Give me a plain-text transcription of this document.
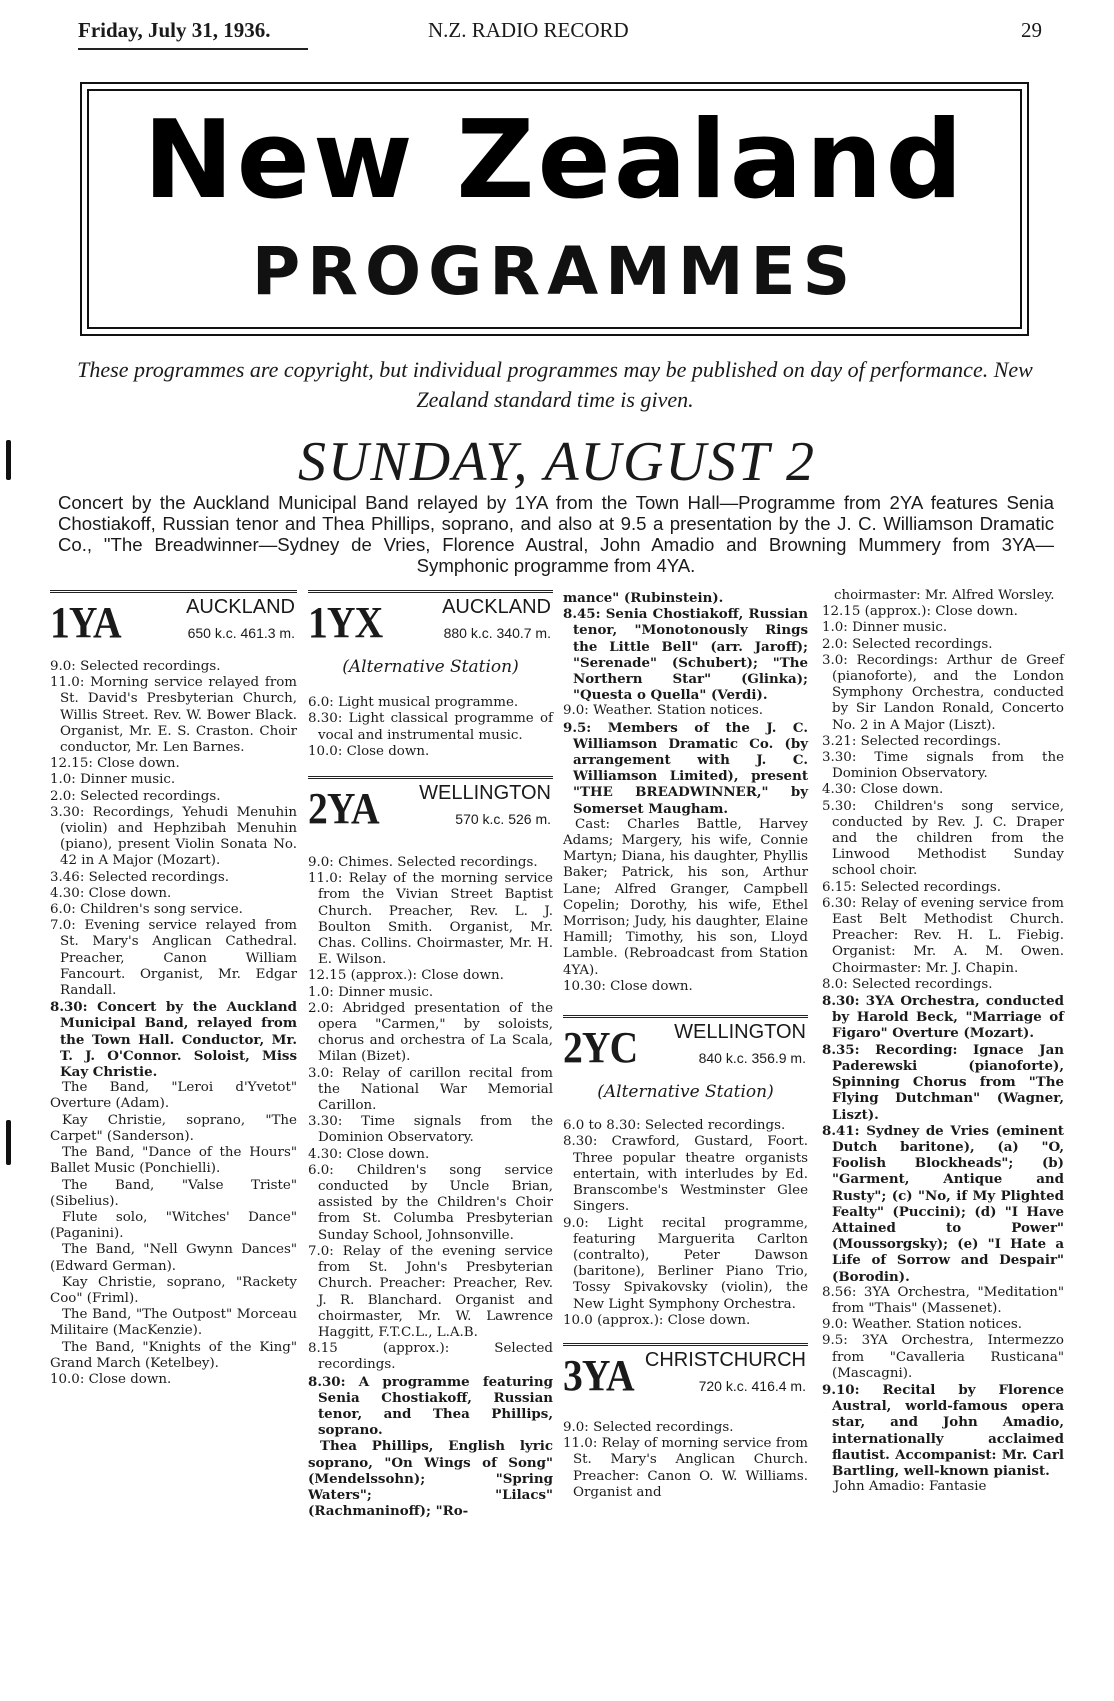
Friday, July 31, 1936.	N.Z. RADIO RECORD	29
New Zealand
PROGRAMMES
These programmes are copyright, but individual programmes may be published on day of performance. New Zealand standard time is given.
SUNDAY, AUGUST 2
Concert by the Auckland Municipal Band relayed by 1YA from the Town Hall—Programme from 2YA features Senia Chostiakoff, Russian tenor and Thea Phillips, soprano, and also at 9.5 a presentation by the J. C. Williamson Dramatic Co., "The Breadwinner—Sydney de Vries, Florence Austral, John Amadio and Browning Mummery from 3YA—Symphonic programme from 4YA.
1YA	AUCKLAND
650 k.c. 461.3 m.

9.0: Selected recordings.

11.0: Morning service relayed from St. David's Presbyterian Church, Willis Street. Rev. W. Bower Black. Organist, Mr. E. S. Craston. Choir conductor, Mr. Len Barnes.

12.15: Close down.

1.0: Dinner music.

2.0: Selected recordings.

3.30: Recordings, Yehudi Menuhin (violin) and Hephzibah Menuhin (piano), present Violin Sonata No. 42 in A Major (Mozart).

3.46: Selected recordings.

4.30: Close down.

6.0: Children's song service.

7.0: Evening service relayed from St. Mary's Anglican Cathedral. Preacher, Canon William Fancourt. Organist, Mr. Edgar Randall.

8.30: Concert by the Auckland Municipal Band, relayed from the Town Hall. Conductor, Mr. T. J. O'Connor. Soloist, Miss Kay Christie.

The Band, "Leroi d'Yvetot" Overture (Adam).

Kay Christie, soprano, "The Carpet" (Sanderson).

The Band, "Dance of the Hours" Ballet Music (Ponchielli).

The Band, "Valse Triste" (Sibelius).

Flute solo, "Witches' Dance" (Paganini).

The Band, "Nell Gwynn Dances" (Edward German).

Kay Christie, soprano, "Rackety Coo" (Friml).

The Band, "The Outpost" Morceau Militaire (MacKenzie).

The Band, "Knights of the King" Grand March (Ketelbey).

10.0: Close down.

1YX	AUCKLAND
880 k.c. 340.7 m.
(Alternative Station)

6.0: Light musical programme.

8.30: Light classical programme of vocal and instrumental music.

10.0: Close down.

2YA WELLINGTON
570 k.c. 526 m.

9.0: Chimes. Selected recordings.

11.0: Relay of the morning service from the Vivian Street Baptist Church. Preacher, Rev. L. J. Boulton Smith. Organist, Mr. Chas. Collins. Choirmaster, Mr. H. E. Wilson.

12.15 (approx.): Close down.

1.0: Dinner music.

2.0: Abridged presentation of the opera "Carmen," by soloists, chorus and orchestra of La Scala, Milan (Bizet).

3.0: Relay of carillon recital from the National War Memorial Carillon.

3.30: Time signals from the Dominion Observatory.

4.30: Close down.

6.0: Children's song service conducted by Uncle Brian, assisted by the Children's Choir from St. Columba Presbyterian Sunday School, Johnsonville.

7.0: Relay of the evening service from St. John's Presbyterian Church. Preacher: Preacher, Rev. J. R. Blanchard. Organist and choirmaster, Mr. W. Lawrence Haggitt, F.T.C.L., L.A.B.

8.15 (approx.): Selected recordings.

8.30: A programme featuring Senia Chostiakoff, Russian tenor, and Thea Phillips, soprano.

Thea Phillips, English lyric soprano, "On Wings of Song" (Mendelssohn); "Spring Waters"; "Lilacs" (Rachmaninoff); "Ro-

mance" (Rubinstein).

8.45: Senia Chostiakoff, Russian tenor, "Monotonously Rings the Little Bell" (arr. Jaroff); "Serenade" (Schubert); "The Northern Star" (Glinka); "Questa o Quella" (Verdi).

9.0: Weather. Station notices.

9.5: Members of the J. C. Williamson Dramatic Co. (by arrangement with J. C. Williamson Limited), present "THE BREADWINNER," by Somerset Maugham.

Cast: Charles Battle, Harvey Adams; Margery, his wife, Connie Martyn; Diana, his daughter, Phyllis Baker; Patrick, his son, Arthur Lane; Alfred Granger, Campbell Copelin; Dorothy, his wife, Ethel Morrison; Judy, his daughter, Elaine Hamill; Timothy, his son, Lloyd Lamble. (Rebroadcast from Station 4YA).

10.30: Close down.

2YC WELLINGTON
840 k.c. 356.9 m.
(Alternative Station)

6.0 to 8.30: Selected recordings.

8.30: Crawford, Gustard, Foort. Three popular theatre organists entertain, with interludes by Ed. Branscombe's Westminster Glee Singers.

9.0: Light recital programme, featuring Marguerita Carlton (contralto), Peter Dawson (baritone), Berliner Piano Trio, Tossy Spivakovsky (violin), the New Light Symphony Orchestra.

10.0 (approx.): Close down.

3YA CHRISTCHURCH
720 k.c. 416.4 m.

9.0: Selected recordings.

11.0: Relay of morning service from St. Mary's Anglican Church. Preacher: Canon O. W. Williams. Organist and

choirmaster: Mr. Alfred Worsley.

12.15 (approx.): Close down.

1.0: Dinner music.

2.0: Selected recordings.

3.0: Recordings: Arthur de Greef (pianoforte), and the London Symphony Orchestra, conducted by Sir Landon Ronald, Concerto No. 2 in A Major (Liszt).

3.21: Selected recordings.

3.30: Time signals from the Dominion Observatory.

4.30: Close down.

5.30: Children's song service, conducted by Rev. J. C. Draper and the children from the Linwood Methodist Sunday school choir.

6.15: Selected recordings.

6.30: Relay of evening service from East Belt Methodist Church. Preacher: Rev. H. L. Fiebig. Organist: Mr. A. M. Owen. Choirmaster: Mr. J. Chapin.

8.0: Selected recordings.

8.30: 3YA Orchestra, conducted by Harold Beck, "Marriage of Figaro" Overture (Mozart).

8.35: Recording: Ignace Jan Paderewski (pianoforte), Spinning Chorus from "The Flying Dutchman" (Wagner, Liszt).

8.41: Sydney de Vries (eminent Dutch baritone), (a) "O, Foolish Blockheads"; (b) "Garment, Antique and Rusty"; (c) "No, if My Plighted Fealty" (Puccini); (d) "I Have Attained to Power" (Moussorgsky); (e) "I Hate a Life of Sorrow and Despair" (Borodin).

8.56: 3YA Orchestra, "Meditation" from "Thais" (Massenet).

9.0: Weather. Station notices.

9.5: 3YA Orchestra, Intermezzo from "Cavalleria Rusticana" (Mascagni).

9.10: Recital by Florence Austral, world-famous opera star, and John Amadio, internationally acclaimed flautist. Accompanist: Mr. Carl Bartling, well-known pianist.

John Amadio: Fantasie
